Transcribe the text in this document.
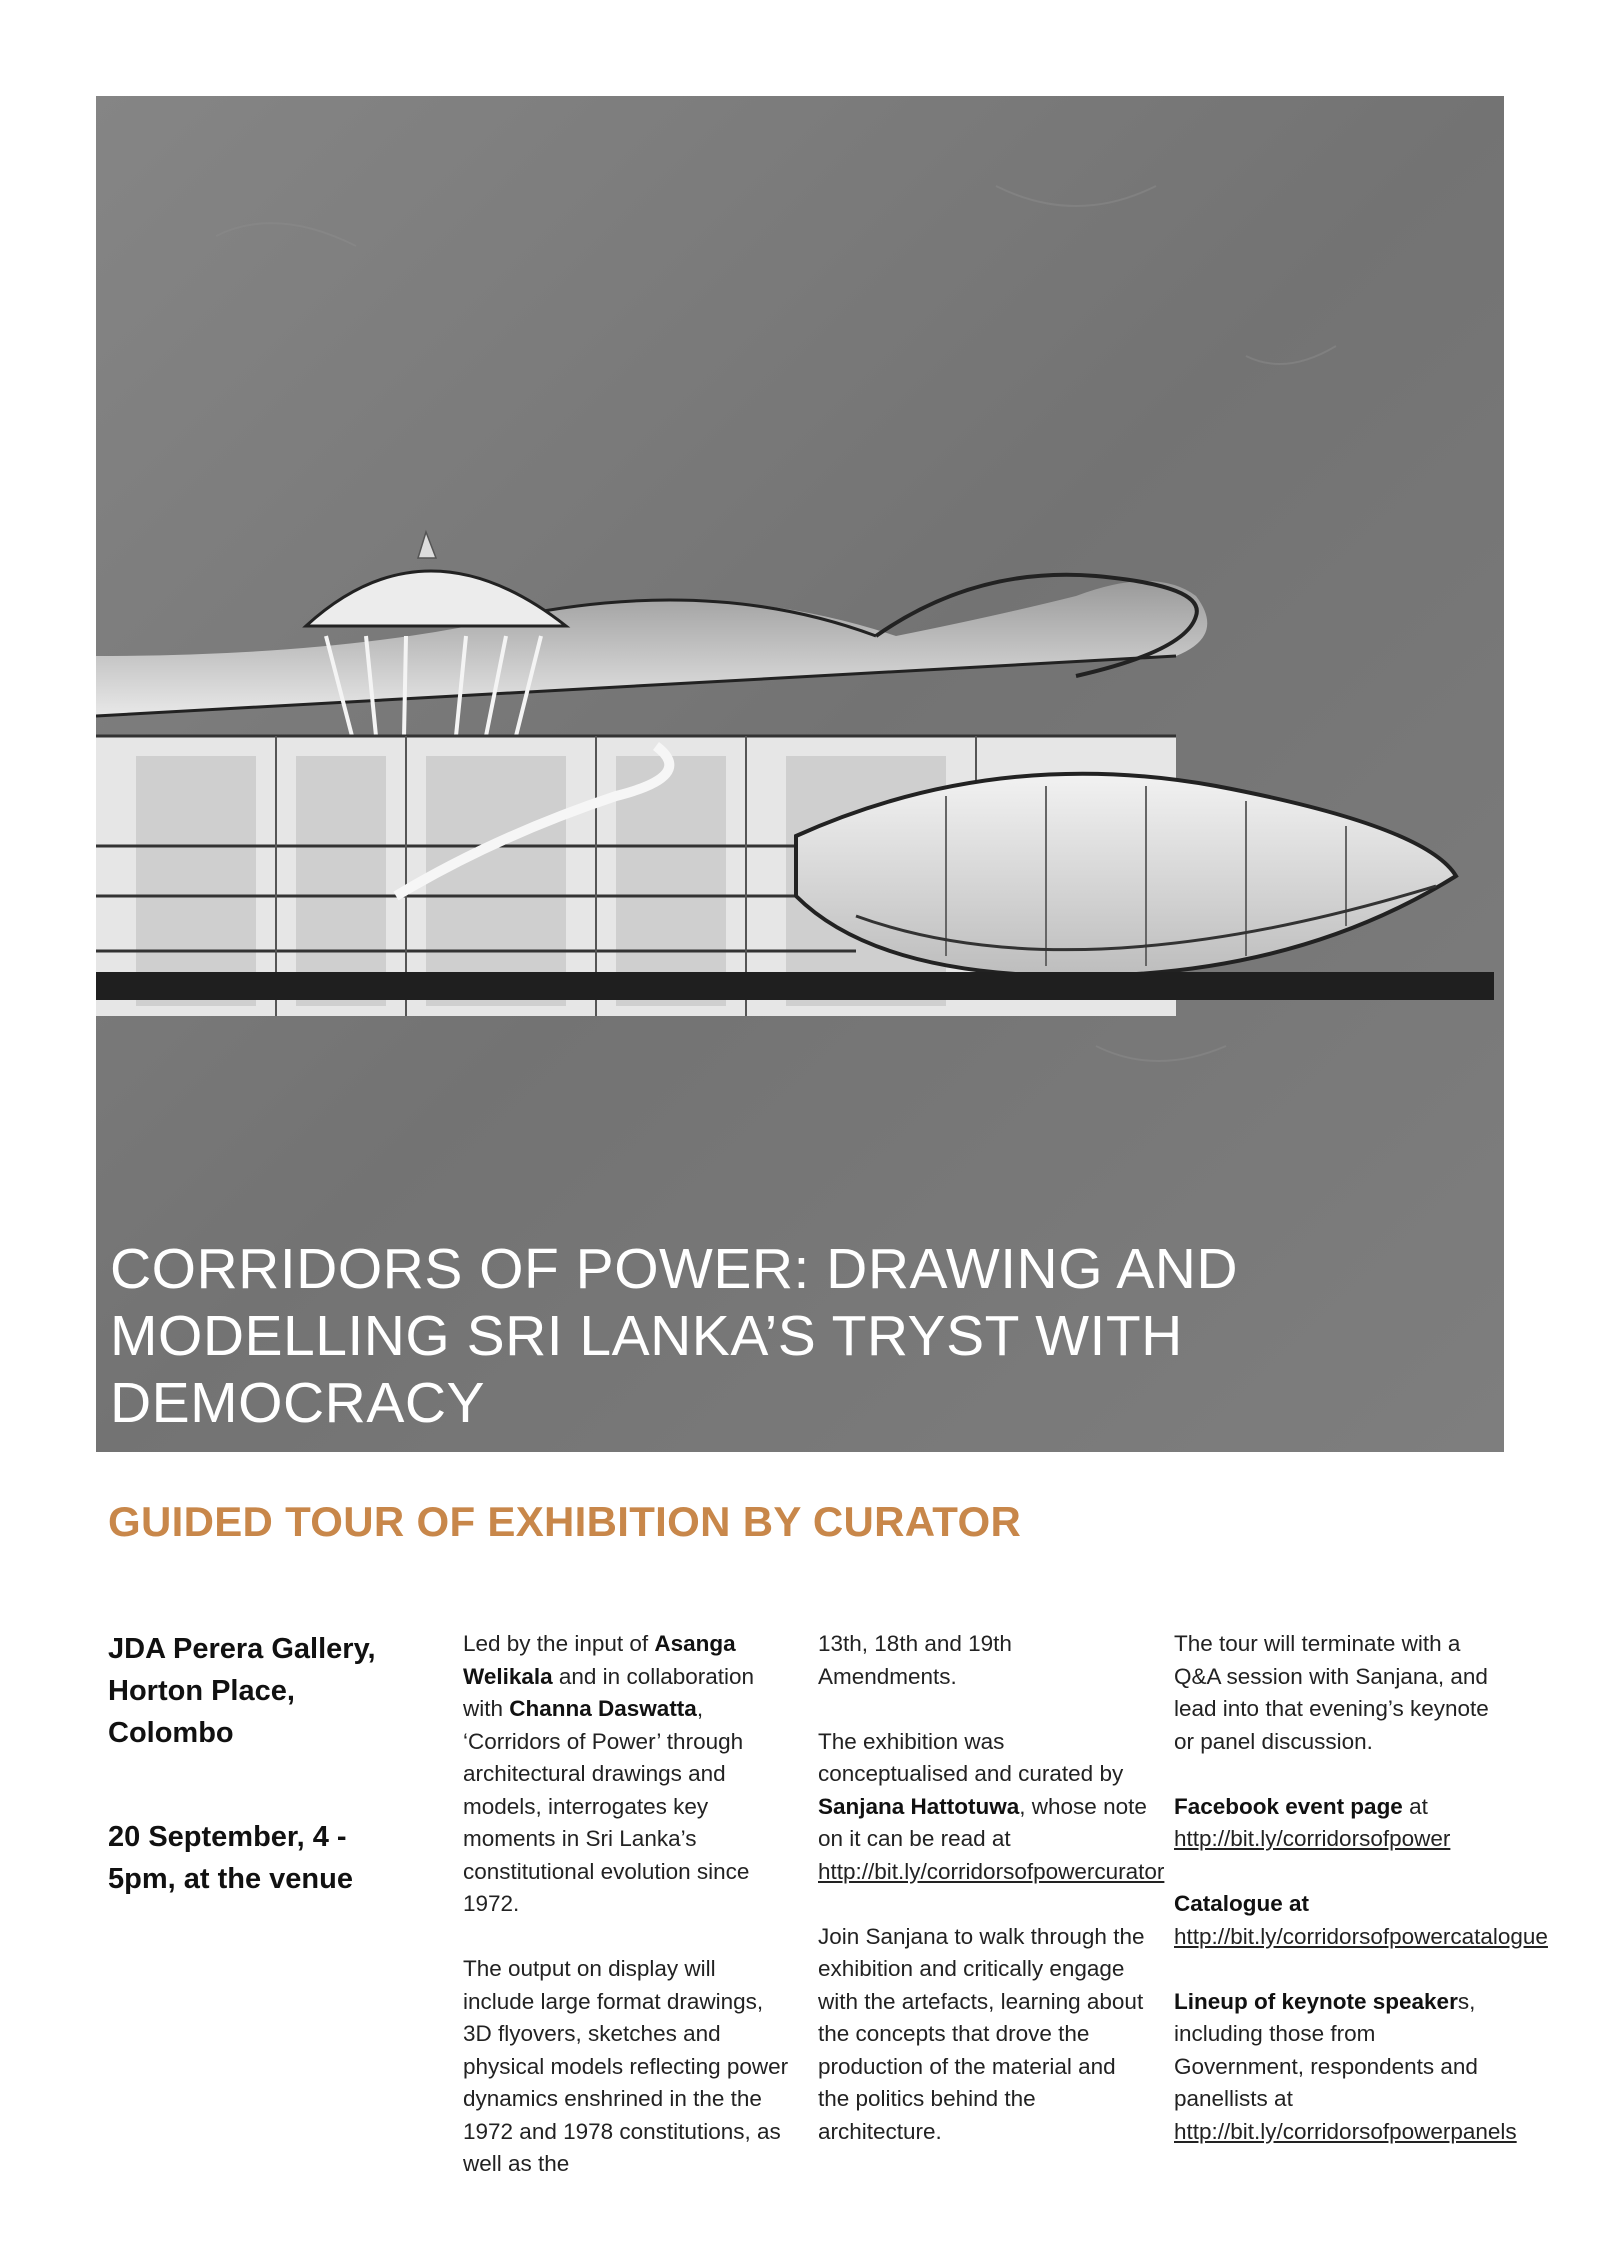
CORRIDORS OF POWER: DRAWING AND
MODELLING SRI LANKA’S TRYST WITH
DEMOCRACY
GUIDED TOUR OF EXHIBITION BY CURATOR
JDA Perera Gallery,
Horton Place,
Colombo
20 September, 4 -
5pm, at the venue

Led by the input of Asanga Welikala and in collaboration with Channa Daswatta, ‘Corridors of Power’ through architectural drawings and models, interrogates key moments in Sri Lanka’s constitutional evolution since 1972.

The output on display will include large format drawings, 3D flyovers, sketches and physical models reflecting power dynamics enshrined in the the 1972 and 1978 constitutions, as well as the

13th, 18th and 19th Amendments.

The exhibition was conceptualised and curated by Sanjana Hattotuwa, whose note on it can be read at http://bit.ly/corridorsofpowercurator

Join Sanjana to walk through the exhibition and critically engage with the artefacts, learning about the concepts that drove the production of the material and the politics behind the architecture.

The tour will terminate with a Q&A session with Sanjana, and lead into that evening’s keynote or panel discussion.

Facebook event page at http://bit.ly/corridorsofpower

Catalogue at http://bit.ly/corridorsofpowercatalogue

Lineup of keynote speakers, including those from Government, respondents and panellists at http://bit.ly/corridorsofpowerpanels
